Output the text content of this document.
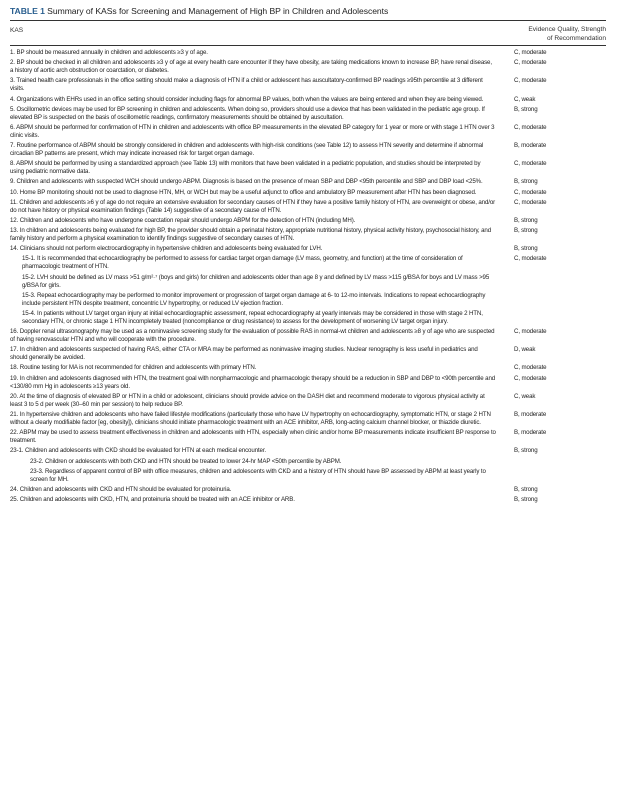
TABLE 1 Summary of KASs for Screening and Management of High BP in Children and Adolescents
KAS	Evidence Quality, Strength
of Recommendation
1. BP should be measured annually in children and adolescents ≥3 y of age.	C, moderate
2. BP should be checked in all children and adolescents ≥3 y of age at every health care encounter if they have obesity, are taking medications known to increase BP, have renal disease, a history of aortic arch obstruction or coarctation, or diabetes.
C, moderate
3. Trained health care professionals in the office setting should make a diagnosis of HTN if a child or adolescent has auscultatory-confirmed BP readings ≥95th percentile at 3 different visits.
C, moderate
4. Organizations with EHRs used in an office setting should consider including flags for abnormal BP values, both when the values are being entered and when they are being viewed.	C, weak
5. Oscillometric devices may be used for BP screening in children and adolescents. When doing so, providers should use a device that has been validated in the pediatric age group. If elevated BP is suspected on the basis of oscillometric readings, confirmatory measurements should be obtained by auscultation.
B, strong
6. ABPM should be performed for confirmation of HTN in children and adolescents with office BP measurements in the elevated BP category for 1 year or more or with stage 1 HTN over 3 clinic visits.
C, moderate
7. Routine performance of ABPM should be strongly considered in children and adolescents with high-risk conditions (see Table 12) to assess HTN severity and determine if abnormal circadian BP patterns are present, which may indicate increased risk for target organ damage.
B, moderate
8. ABPM should be performed by using a standardized approach (see Table 13) with monitors that have been validated in a pediatric population, and studies should be interpreted by using pediatric normative data.
C, moderate
9. Children and adolescents with suspected WCH should undergo ABPM. Diagnosis is based on the presence of mean SBP and DBP <95th percentile and SBP and DBP load <25%.	B, strong
10. Home BP monitoring should not be used to diagnose HTN, MH, or WCH but may be a useful adjunct to office and ambulatory BP measurement after HTN has been diagnosed.	C, moderate
11. Children and adolescents ≥6 y of age do not require an extensive evaluation for secondary causes of HTN if they have a positive family history of HTN, are overweight or obese, and/or do not have history or physical examination findings (Table 14) suggestive of a secondary cause of HTN.
C, moderate
12. Children and adolescents who have undergone coarctation repair should undergo ABPM for the detection of HTN (including MH).	B, strong
13. In children and adolescents being evaluated for high BP, the provider should obtain a perinatal history, appropriate nutritional history, physical activity history, psychosocial history, and family history and perform a physical examination to identify findings suggestive of secondary causes of HTN.
B, strong
14. Clinicians should not perform electrocardiography in hypertensive children and adolescents being evaluated for LVH.	B, strong
15-1. It is recommended that echocardiography be performed to assess for cardiac target organ damage (LV mass, geometry, and function) at the time of consideration of pharmacologic treatment of HTN.
C, moderate
15-2. LVH should be defined as LV mass >51 g/m²·⁷ (boys and girls) for children and adolescents older than age 8 y and defined by LV mass >115 g/BSA for boys and LV mass >95 g/BSA for girls.
15-3. Repeat echocardiography may be performed to monitor improvement or progression of target organ damage at 6- to 12-mo intervals. Indications to repeat echocardiography include persistent HTN despite treatment, concentric LV hypertrophy, or reduced LV ejection fraction.
15-4. In patients without LV target organ injury at initial echocardiographic assessment, repeat echocardiography at yearly intervals may be considered in those with stage 2 HTN, secondary HTN, or chronic stage 1 HTN incompletely treated (noncompliance or drug resistance) to assess for the development of worsening LV target organ injury.
16. Doppler renal ultrasonography may be used as a noninvasive screening study for the evaluation of possible RAS in normal-wt children and adolescents ≥8 y of age who are suspected of having renovascular HTN and who will cooperate with the procedure.
C, moderate
17. In children and adolescents suspected of having RAS, either CTA or MRA may be performed as noninvasive imaging studies. Nuclear renography is less useful in pediatrics and should generally be avoided.
D, weak
18. Routine testing for MA is not recommended for children and adolescents with primary HTN.	C, moderate
19. In children and adolescents diagnosed with HTN, the treatment goal with nonpharmacologic and pharmacologic therapy should be a reduction in SBP and DBP to <90th percentile and <130/80 mm Hg in adolescents ≥13 years old.
C, moderate
20. At the time of diagnosis of elevated BP or HTN in a child or adolescent, clinicians should provide advice on the DASH diet and recommend moderate to vigorous physical activity at least 3 to 5 d per week (30–60 min per session) to help reduce BP.
C, weak
21. In hypertensive children and adolescents who have failed lifestyle modifications (particularly those who have LV hypertrophy on echocardiography, symptomatic HTN, or stage 2 HTN without a clearly modifiable factor [eg, obesity]), clinicians should initiate pharmacologic treatment with an ACE inhibitor, ARB, long-acting calcium channel blocker, or thiazide diuretic.
B, moderate
22. ABPM may be used to assess treatment effectiveness in children and adolescents with HTN, especially when clinic and/or home BP measurements indicate insufficient BP response to treatment.
B, moderate
23-1. Children and adolescents with CKD should be evaluated for HTN at each medical encounter.	B, strong
23-2. Children or adolescents with both CKD and HTN should be treated to lower 24-hr MAP <50th percentile by ABPM.
23-3. Regardless of apparent control of BP with office measures, children and adolescents with CKD and a history of HTN should have BP assessed by ABPM at least yearly to screen for MH.
24. Children and adolescents with CKD and HTN should be evaluated for proteinuria.	B, strong
25. Children and adolescents with CKD, HTN, and proteinuria should be treated with an ACE inhibitor or ARB.	B, strong
